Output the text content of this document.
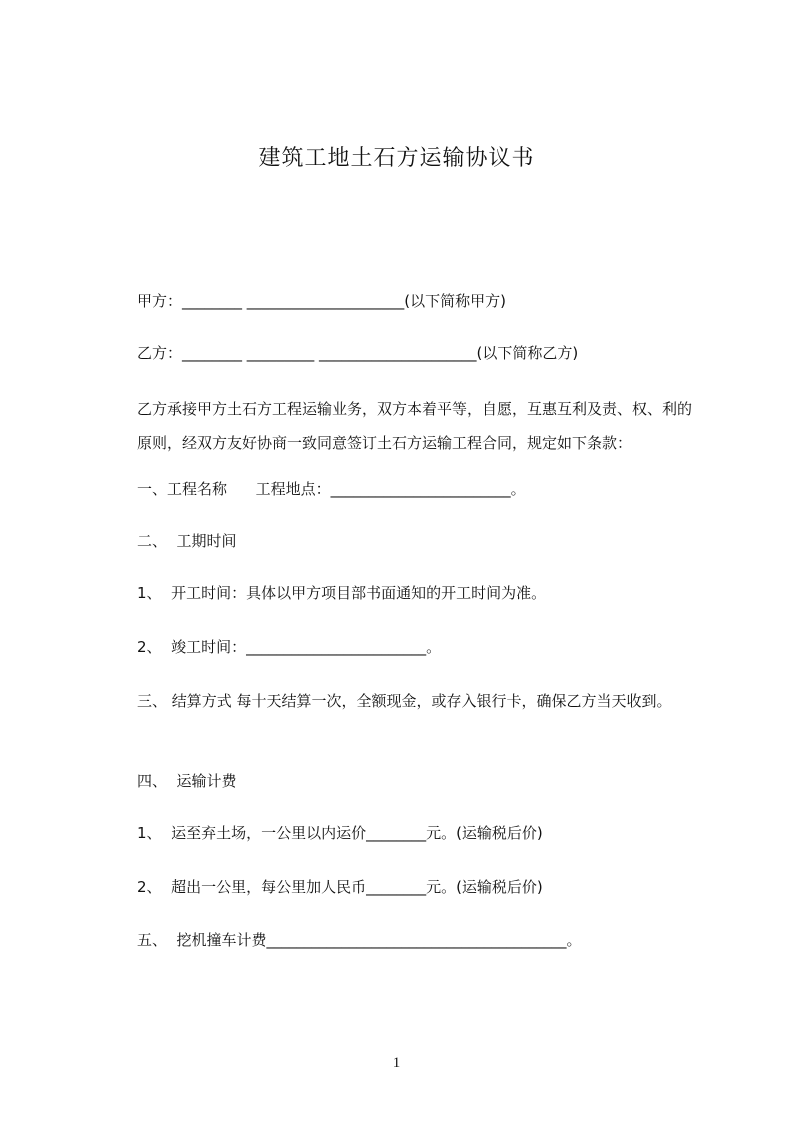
建筑工地土石方运输协议书
甲方：________ _____________________(以下简称甲方)
乙方：________ _________ _____________________(以下简称乙方)
乙方承接甲方土石方工程运输业务，双方本着平等，自愿，互惠互利及责、权、利的原则，经双方友好协商一致同意签订土石方运输工程合同，规定如下条款：
一、工程名称      工程地点：________________________。
二、  工期时间
1、  开工时间：具体以甲方项目部书面通知的开工时间为准。
2、  竣工时间：________________________。
三、 结算方式 每十天结算一次，全额现金，或存入银行卡，确保乙方当天收到。
四、  运输计费
1、  运至弃土场，一公里以内运价________元。(运输税后价)
2、  超出一公里，每公里加人民币________元。(运输税后价)
五、  挖机撞车计费________________________________________。
1
